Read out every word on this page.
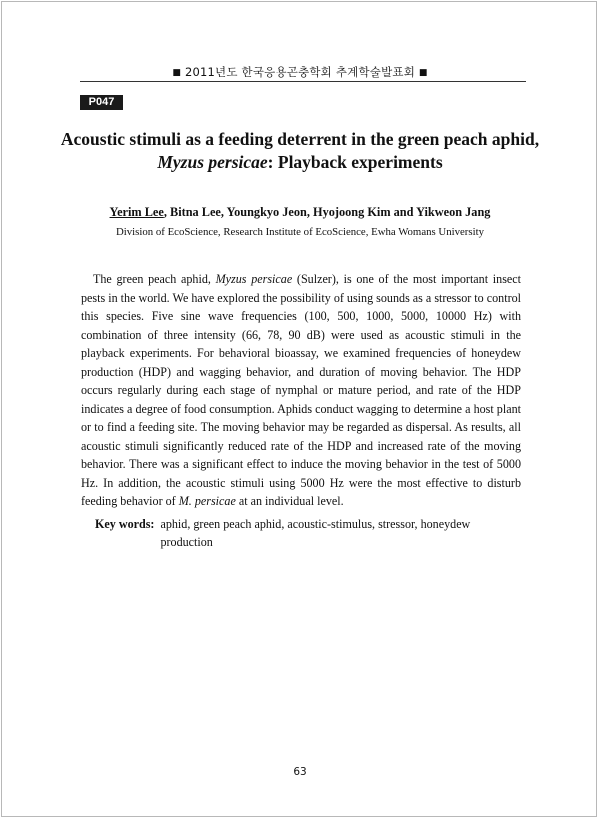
■ 2011년도 한국응용곤충학회 추계학술발표회 ■
P047
Acoustic stimuli as a feeding deterrent in the green peach aphid,
Myzus persicae: Playback experiments
Yerim Lee, Bitna Lee, Youngkyo Jeon, Hyojoong Kim and Yikweon Jang
Division of EcoScience, Research Institute of EcoScience, Ewha Womans University

The green peach aphid, Myzus persicae (Sulzer), is one of the most important insect pests in the world. We have explored the possibility of using sounds as a stressor to control this species. Five sine wave frequencies (100, 500, 1000, 5000, 10000 Hz) with combination of three intensity (66, 78, 90 dB) were used as acoustic stimuli in the playback experiments. For behavioral bioassay, we examined frequencies of honeydew production (HDP) and wagging behavior, and duration of moving behavior. The HDP occurs regularly during each stage of nymphal or mature period, and rate of the HDP indicates a degree of food consumption. Aphids conduct wagging to determine a host plant or to find a feeding site. The moving behavior may be regarded as dispersal. As results, all acoustic stimuli significantly reduced rate of the HDP and increased rate of the moving behavior. There was a significant effect to induce the moving behavior in the test of 5000 Hz. In addition, the acoustic stimuli using 5000 Hz were the most effective to disturb feeding behavior of M. persicae at an individual level.

Key words: aphid, green peach aphid, acoustic-stimulus, stressor, honeydew production
63
